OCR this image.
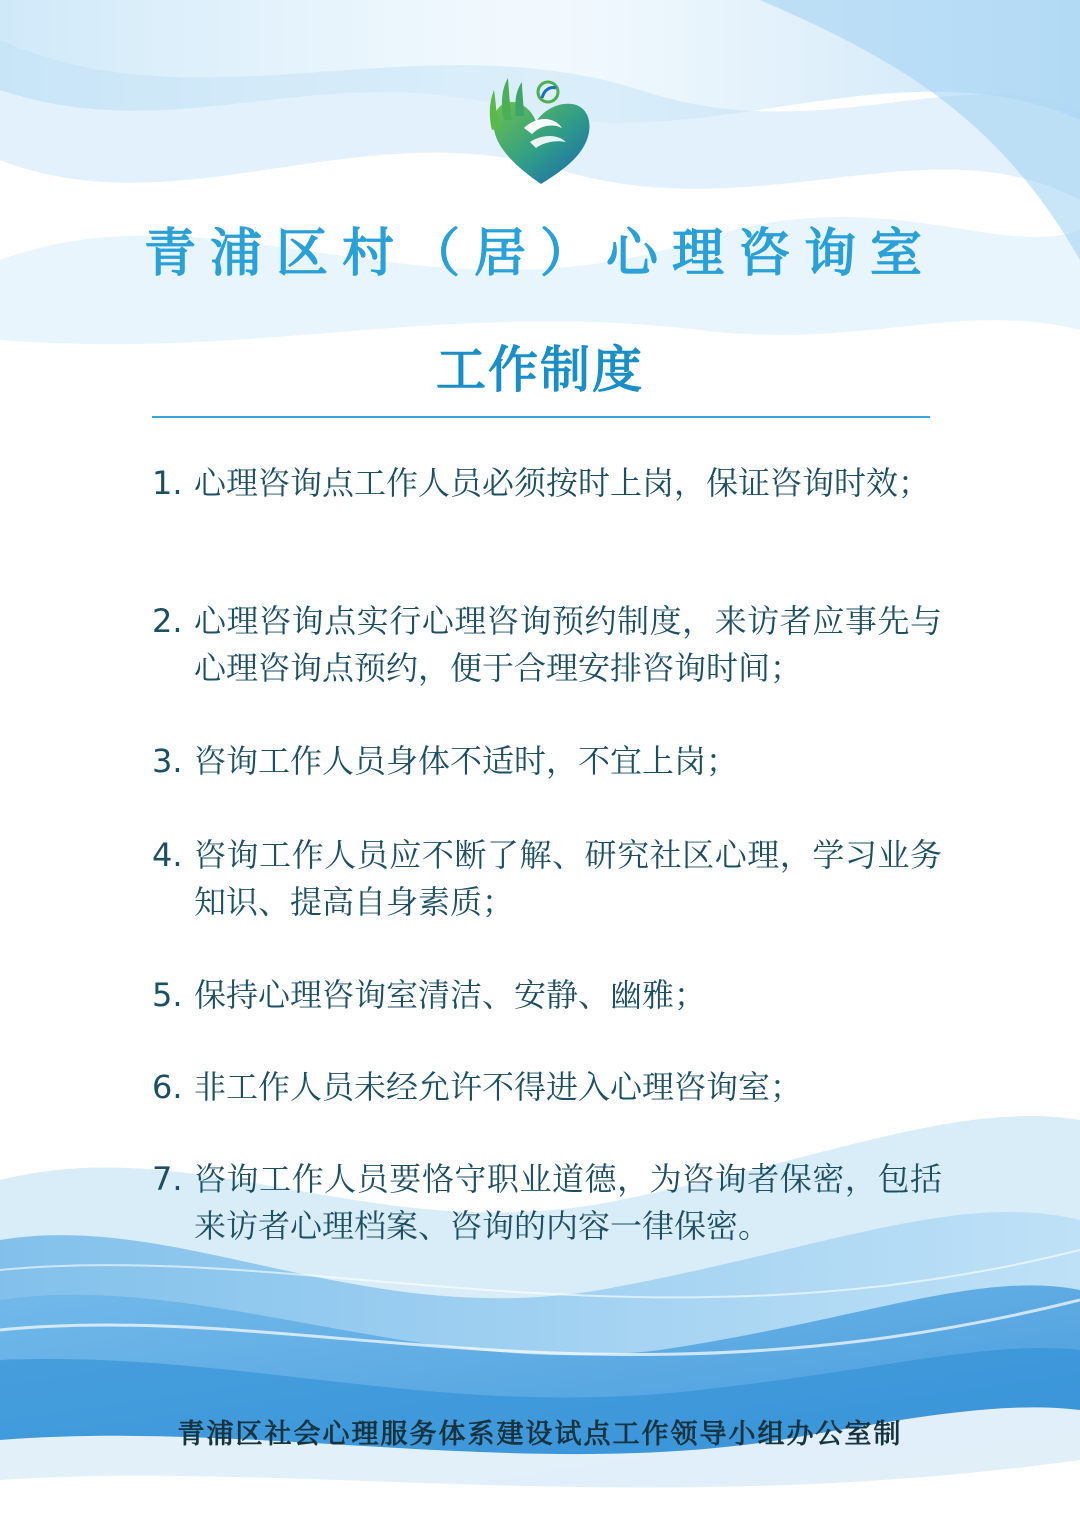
青浦区村（居）心理咨询室
工作制度
1. 心理咨询点工作人员必须按时上岗，保证咨询时效；
2. 心理咨询点实行心理咨询预约制度，来访者应事先与心理咨询点预约，便于合理安排咨询时间；
3. 咨询工作人员身体不适时，不宜上岗；
4. 咨询工作人员应不断了解、研究社区心理，学习业务知识、提高自身素质；
5. 保持心理咨询室清洁、安静、幽雅；
6. 非工作人员未经允许不得进入心理咨询室；
7. 咨询工作人员要恪守职业道德，为咨询者保密，包括来访者心理档案、咨询的内容一律保密。
青浦区社会心理服务体系建设试点工作领导小组办公室制
